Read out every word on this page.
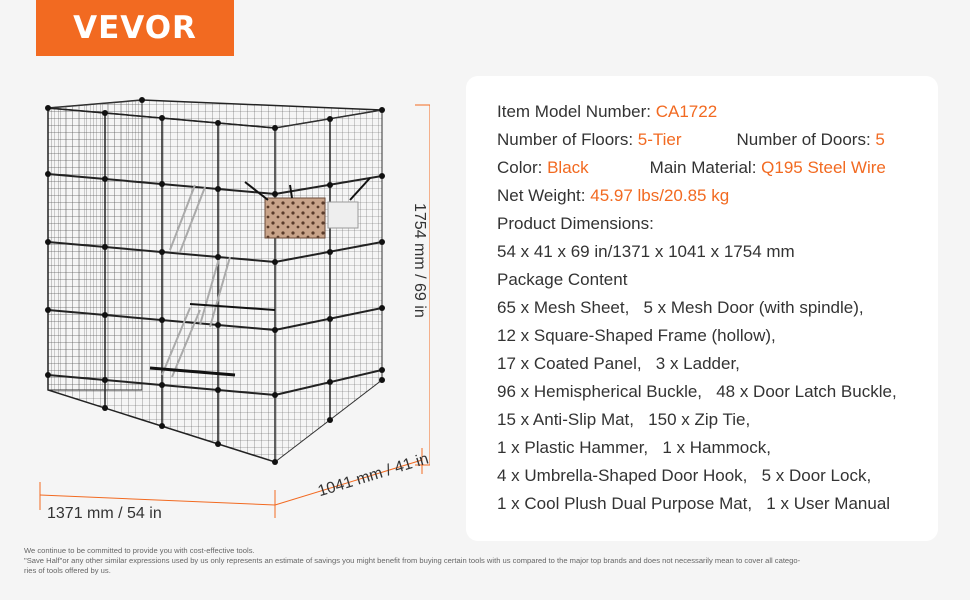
VEVOR
1371 mm / 54 in
1041 mm / 41 in
1754 mm / 69 in
Item Model Number: CA1722
Number of Floors: 5-Tier	Number of Doors: 5
Color: Black	Main Material: Q195 Steel Wire
Net Weight: 45.97 lbs/20.85 kg
Product Dimensions:
54 x 41 x 69 in/1371 x 1041 x 1754 mm
Package Content
65 x Mesh Sheet,   5 x Mesh Door (with spindle),
12 x Square-Shaped Frame (hollow),
17 x Coated Panel,   3 x Ladder,
96 x Hemispherical Buckle,   48 x Door Latch Buckle,
15 x Anti-Slip Mat,   150 x Zip Tie,
1 x Plastic Hammer,   1 x Hammock,
4 x Umbrella-Shaped Door Hook,   5 x Door Lock,
1 x Cool Plush Dual Purpose Mat,   1 x User Manual
We continue to be committed to provide you with cost-effective tools.
"Save Half"or any other similar expressions used by us only represents an estimate of savings you might benefit from buying certain tools with us compared to the major top brands and does not necessarily mean to cover all catego-
ries of tools offered by us.
